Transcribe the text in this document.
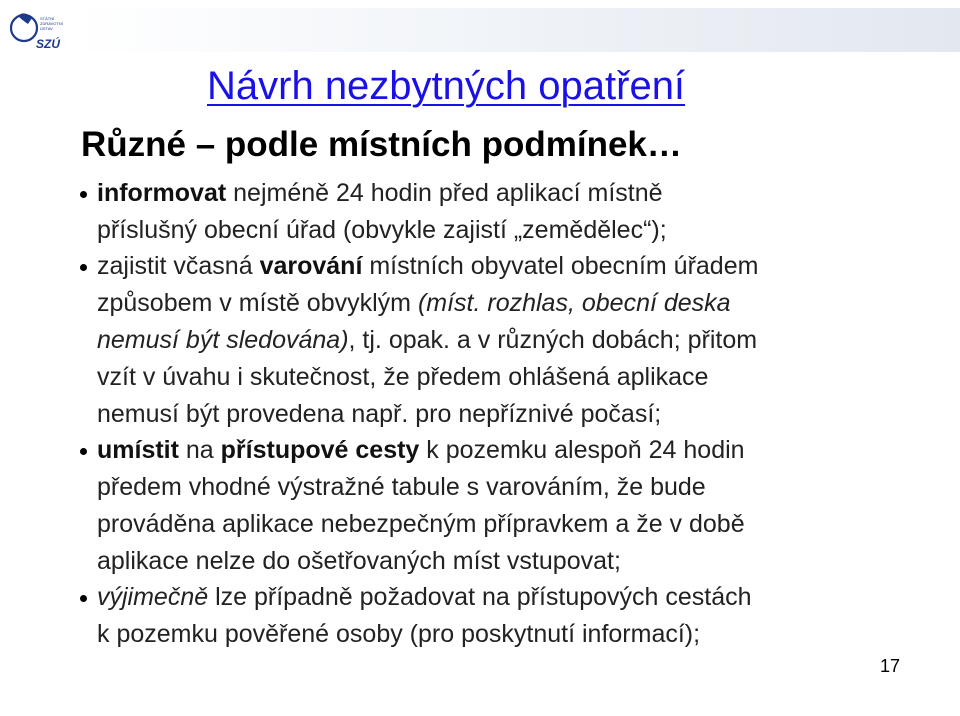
STÁTNÍ
ZDRAVOTNÍ
ÚSTAV
SZÚ
Návrh nezbytných opatření
Různé – podle místních podmínek…
informovat nejméně 24 hodin před aplikací místně
příslušný obecní úřad (obvykle zajistí „zemědělec“);
zajistit včasná varování místních obyvatel obecním úřadem
způsobem v místě obvyklým (míst. rozhlas, obecní deska
nemusí být sledována), tj. opak. a v různých dobách; přitom
vzít v úvahu i skutečnost, že předem ohlášená aplikace
nemusí být provedena např. pro nepříznivé počasí;
umístit na přístupové cesty k pozemku alespoň 24 hodin
předem vhodné výstražné tabule s varováním, že bude
prováděna aplikace nebezpečným přípravkem a že v době
aplikace nelze do ošetřovaných míst vstupovat;
výjimečně lze případně požadovat na přístupových cestách
k pozemku pověřené osoby (pro poskytnutí informací);
17
